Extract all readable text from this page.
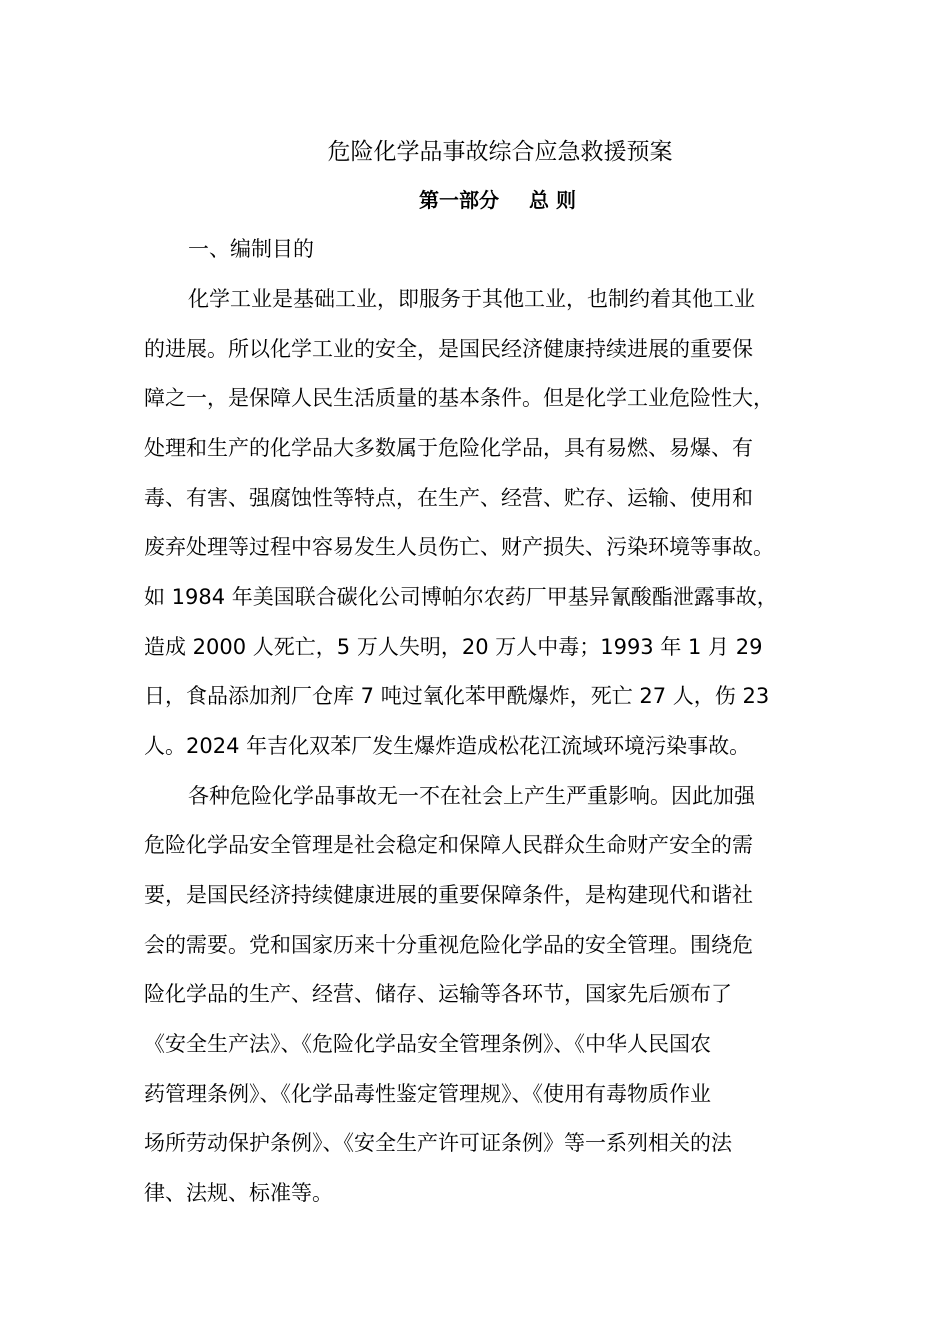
危险化学品事故综合应急救援预案
第一部分 总 则
一、编制目的
化学工业是基础工业，即服务于其他工业，也制约着其他工业
的进展。所以化学工业的安全，是国民经济健康持续进展的重要保
障之一，是保障人民生活质量的基本条件。但是化学工业危险性大，
处理和生产的化学品大多数属于危险化学品，具有易燃、易爆、有
毒、有害、强腐蚀性等特点，在生产、经营、贮存、运输、使用和
废弃处理等过程中容易发生人员伤亡、财产损失、污染环境等事故。
如 1984 年美国联合碳化公司博帕尔农药厂甲基异氰酸酯泄露事故，
造成 2000 人死亡，5 万人失明，20 万人中毒；1993 年 1 月 29
日，食品添加剂厂仓库 7 吨过氧化苯甲酰爆炸，死亡 27 人，伤 23
人。2024 年吉化双苯厂发生爆炸造成松花江流域环境污染事故。
各种危险化学品事故无一不在社会上产生严重影响。因此加强
危险化学品安全管理是社会稳定和保障人民群众生命财产安全的需
要，是国民经济持续健康进展的重要保障条件，是构建现代和谐社
会的需要。党和国家历来十分重视危险化学品的安全管理。围绕危
险化学品的生产、经营、储存、运输等各环节，国家先后颁布了
《安全生产法》、《危险化学品安全管理条例》、《中华人民国农
药管理条例》、《化学品毒性鉴定管理规》、《使用有毒物质作业
场所劳动保护条例》、《安全生产许可证条例》等一系列相关的法
律、法规、标准等。
